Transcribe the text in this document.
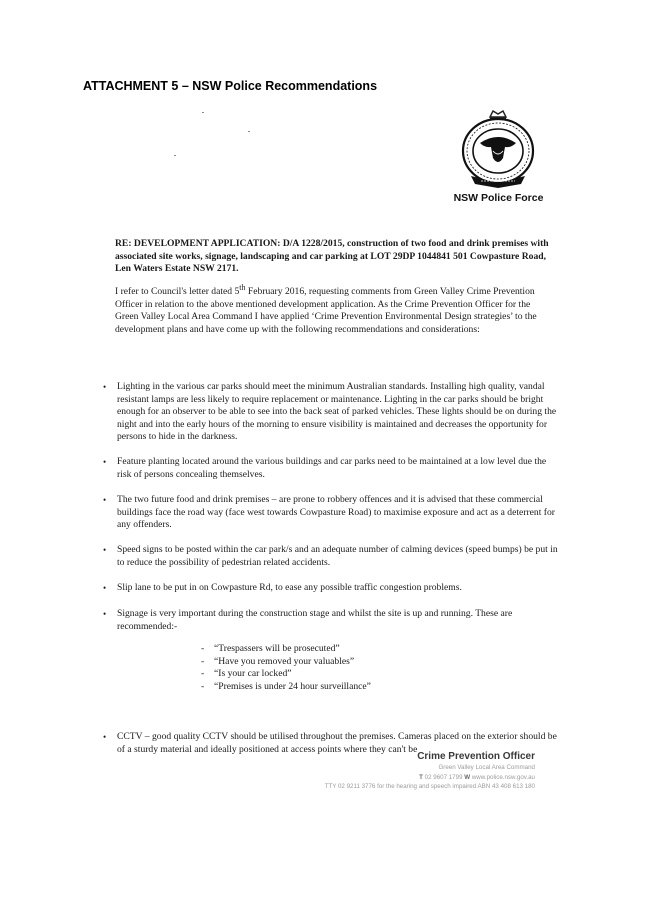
ATTACHMENT 5 – NSW Police Recommendations
NSW Police Force

RE: DEVELOPMENT APPLICATION: D/A 1228/2015, construction of two food and drink premises with associated site works, signage, landscaping and car parking at LOT 29DP 1044841 501 Cowpasture Road, Len Waters Estate NSW 2171.

I refer to Council's letter dated 5th February 2016, requesting comments from Green Valley Crime Prevention Officer in relation to the above mentioned development application. As the Crime Prevention Officer for the Green Valley Local Area Command I have applied ‘Crime Prevention Environmental Design strategies’ to the development plans and have come up with the following recommendations and considerations:

• Lighting in the various car parks should meet the minimum Australian standards. Installing high quality, vandal resistant lamps are less likely to require replacement or maintenance. Lighting in the car parks should be bright enough for an observer to be able to see into the back seat of parked vehicles. These lights should be on during the night and into the early hours of the morning to ensure visibility is maintained and decreases the opportunity for persons to hide in the darkness.
• Feature planting located around the various buildings and car parks need to be maintained at a low level due the risk of persons concealing themselves.
• The two future food and drink premises – are prone to robbery offences and it is advised that these commercial buildings face the road way (face west towards Cowpasture Road) to maximise exposure and act as a deterrent for any offenders.
• Speed signs to be posted within the car park/s and an adequate number of calming devices (speed bumps) be put in to reduce the possibility of pedestrian related accidents.
• Slip lane to be put in on Cowpasture Rd, to ease any possible traffic congestion problems.
• Signage is very important during the construction stage and whilst the site is up and running. These are recommended:-
- “Trespassers will be prosecuted”
- “Have you removed your valuables”
- “Is your car locked”
- “Premises is under 24 hour surveillance”
• CCTV – good quality CCTV should be utilised throughout the premises. Cameras placed on the exterior should be of a sturdy material and ideally positioned at access points where they can't be
Crime Prevention Officer
Green Valley Local Area Command
T 02 9607 1799 W www.police.nsw.gov.au
TTY 02 9211 3776 for the hearing and speech impaired ABN 43 408 613 180
